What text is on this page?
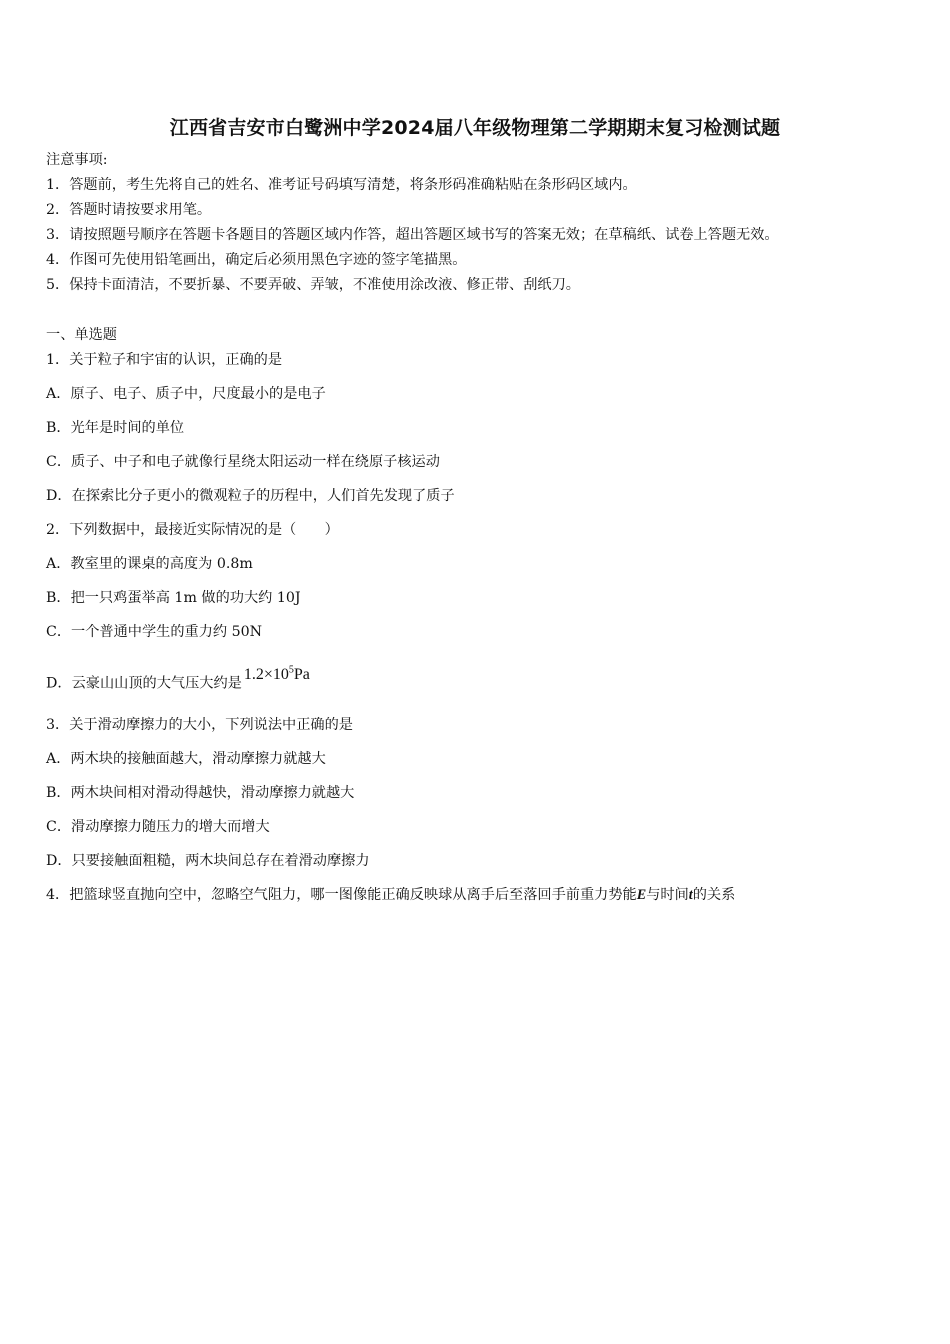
江西省吉安市白鹭洲中学2024届八年级物理第二学期期末复习检测试题
注意事项:
1．答题前，考生先将自己的姓名、准考证号码填写清楚，将条形码准确粘贴在条形码区域内。
2．答题时请按要求用笔。
3．请按照题号顺序在答题卡各题目的答题区域内作答，超出答题区域书写的答案无效；在草稿纸、试卷上答题无效。
4．作图可先使用铅笔画出，确定后必须用黑色字迹的签字笔描黑。
5．保持卡面清洁，不要折暴、不要弄破、弄皱，不准使用涂改液、修正带、刮纸刀。
一、单选题
1．关于粒子和宇宙的认识，正确的是
A．原子、电子、质子中，尺度最小的是电子
B．光年是时间的单位
C．质子、中子和电子就像行星绕太阳运动一样在绕原子核运动
D．在探索比分子更小的微观粒子的历程中，人们首先发现了质子
2．下列数据中，最接近实际情况的是（　　）
A．教室里的课桌的高度为 0.8m
B．把一只鸡蛋举高 1m 做的功大约 10J
C．一个普通中学生的重力约 50N
D．云豪山山顶的大气压大约是 $1.2\times 10^5Pa$
3．关于滑动摩擦力的大小，下列说法中正确的是
A．两木块的接触面越大，滑动摩擦力就越大
B．两木块间相对滑动得越快，滑动摩擦力就越大
C．滑动摩擦力随压力的增大而增大
D．只要接触面粗糙，两木块间总存在着滑动摩擦力
4．把篮球竖直抛向空中，忽略空气阻力，哪一图像能正确反映球从离手后至落回手前重力势能E与时间t的关系
